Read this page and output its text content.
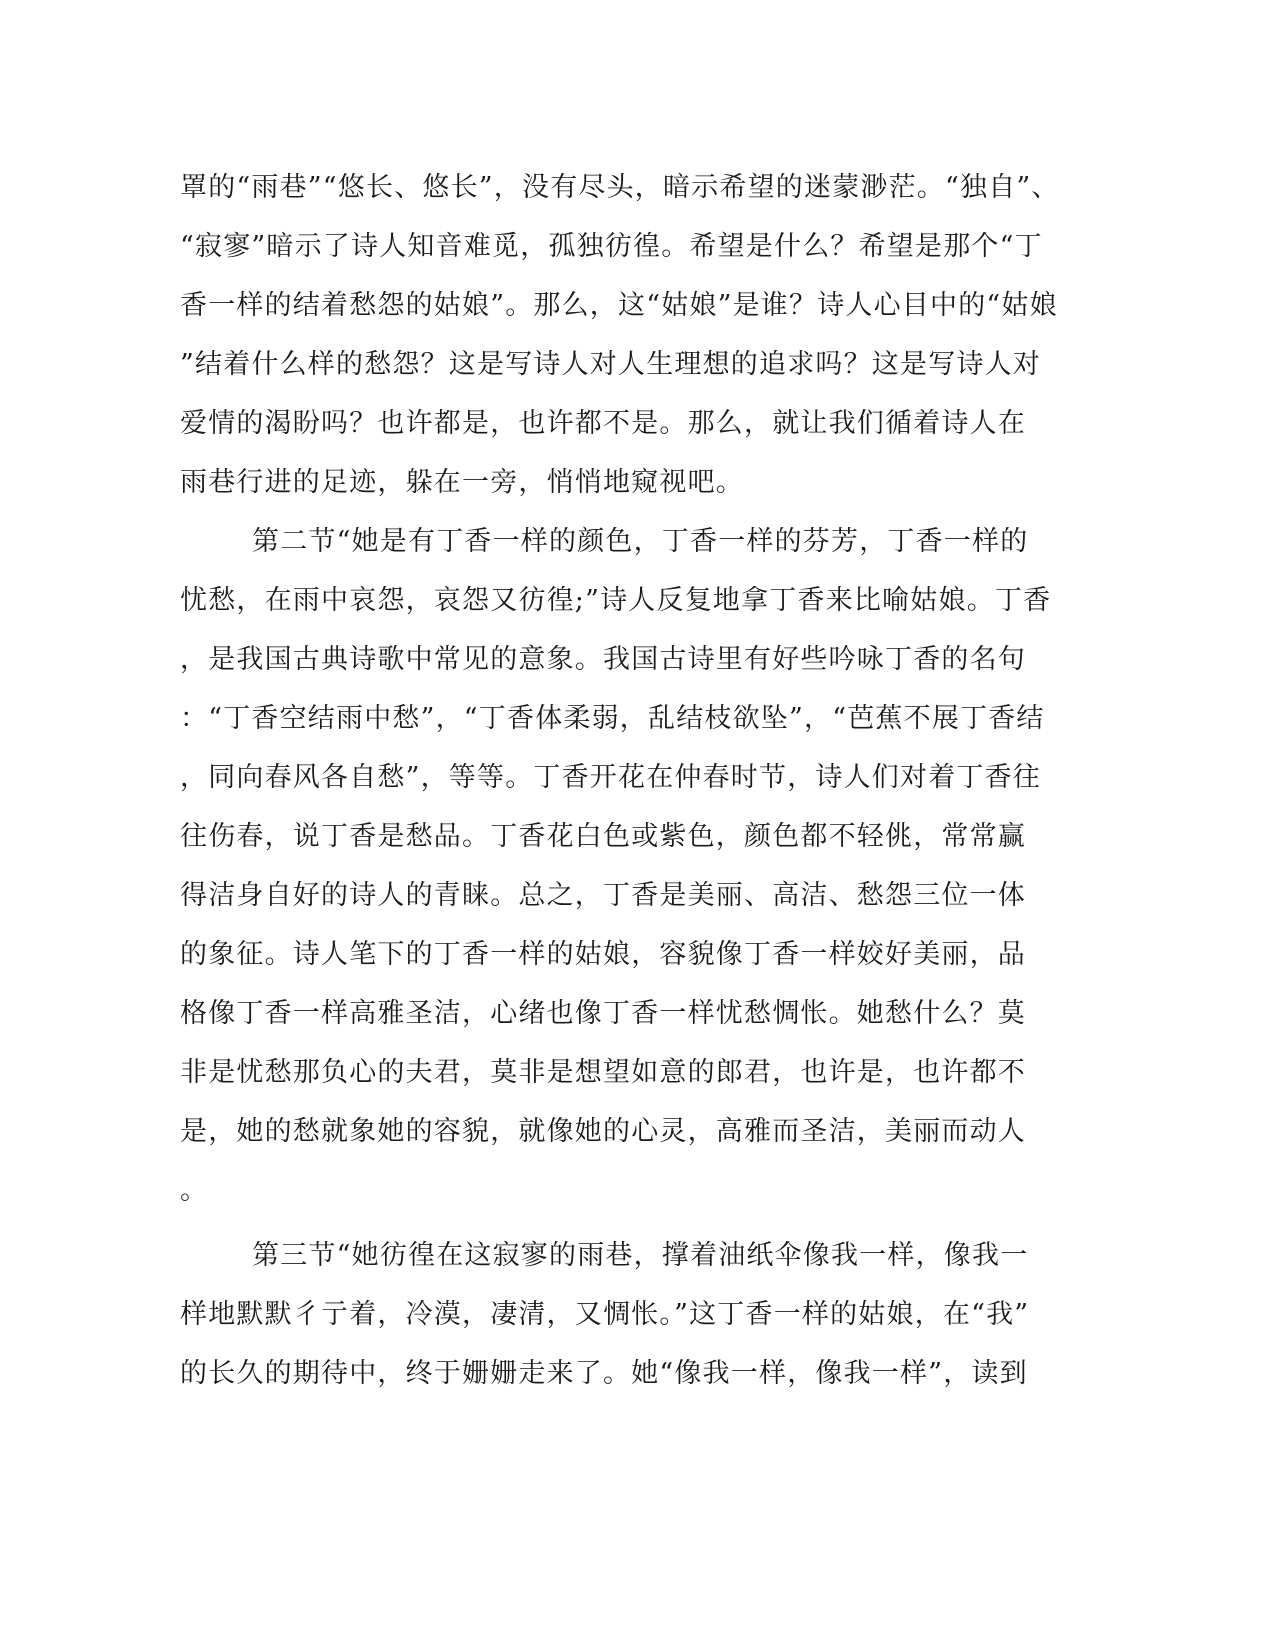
罩的“雨巷”“悠长、悠长”，没有尽头，暗示希望的迷蒙渺茫。“独自”、
“寂寥”暗示了诗人知音难觅，孤独彷徨。希望是什么？希望是那个“丁
香一样的结着愁怨的姑娘”。那么，这“姑娘”是谁？诗人心目中的“姑娘
”结着什么样的愁怨？这是写诗人对人生理想的追求吗？这是写诗人对
爱情的渴盼吗？也许都是，也许都不是。那么，就让我们循着诗人在
雨巷行进的足迹，躲在一旁，悄悄地窥视吧。
第二节“她是有丁香一样的颜色，丁香一样的芬芳，丁香一样的
忧愁，在雨中哀怨，哀怨又彷徨;”诗人反复地拿丁香来比喻姑娘。丁香
，是我国古典诗歌中常见的意象。我国古诗里有好些吟咏丁香的名句
：“丁香空结雨中愁”，“丁香体柔弱，乱结枝欲坠”，“芭蕉不展丁香结
，同向春风各自愁”，等等。丁香开花在仲春时节，诗人们对着丁香往
往伤春，说丁香是愁品。丁香花白色或紫色，颜色都不轻佻，常常赢
得洁身自好的诗人的青睐。总之，丁香是美丽、高洁、愁怨三位一体
的象征。诗人笔下的丁香一样的姑娘，容貌像丁香一样姣好美丽，品
格像丁香一样高雅圣洁，心绪也像丁香一样忧愁惆怅。她愁什么？莫
非是忧愁那负心的夫君，莫非是想望如意的郎君，也许是，也许都不
是，她的愁就象她的容貌，就像她的心灵，高雅而圣洁，美丽而动人
。
第三节“她彷徨在这寂寥的雨巷，撑着油纸伞像我一样，像我一
样地默默彳亍着，冷漠，凄清，又惆怅。”这丁香一样的姑娘，在“我”
的长久的期待中，终于姗姗走来了。她“像我一样，像我一样”，读到
